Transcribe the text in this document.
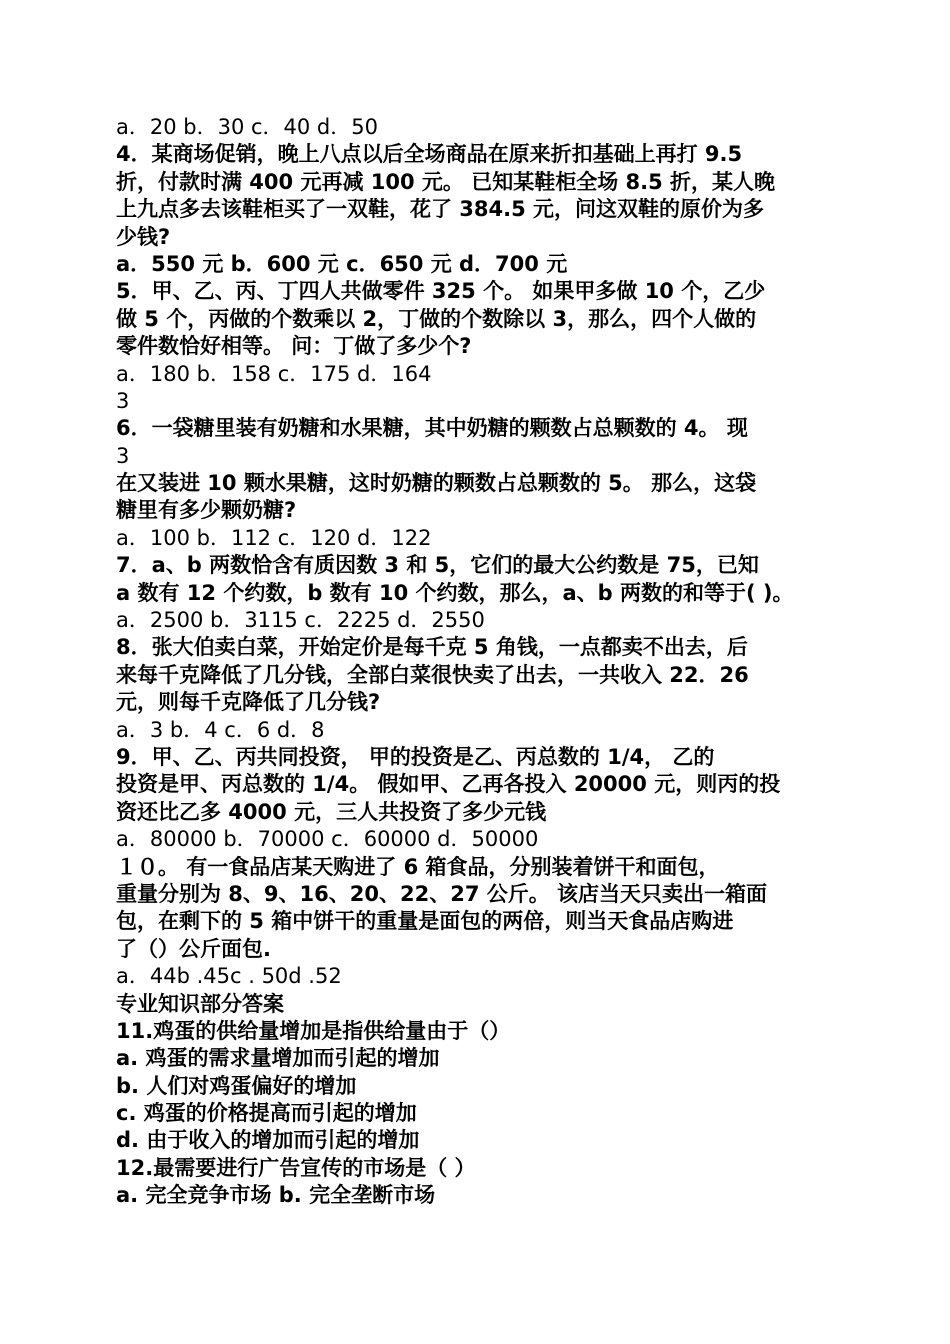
a．20 b．30 c．40 d．50
4．某商场促销，晚上八点以后全场商品在原来折扣基础上再打 9.5
折，付款时满 400 元再减 100 元。 已知某鞋柜全场 8.5 折，某人晚
上九点多去该鞋柜买了一双鞋，花了 384.5 元，问这双鞋的原价为多
少钱?
a．550 元 b．600 元 c．650 元 d．700 元
5．甲、乙、丙、丁四人共做零件 325 个。 如果甲多做 10 个，乙少
做 5 个，丙做的个数乘以 2，丁做的个数除以 3，那么，四个人做的
零件数恰好相等。 问：丁做了多少个?
a．180 b．158 c．175 d．164
3
6．一袋糖里装有奶糖和水果糖，其中奶糖的颗数占总颗数的 4。 现
3
在又装进 10 颗水果糖，这时奶糖的颗数占总颗数的 5。 那么，这袋
糖里有多少颗奶糖?
a．100 b．112 c．120 d．122
7．a、b 两数恰含有质因数 3 和 5，它们的最大公约数是 75，已知
a 数有 12 个约数，b 数有 10 个约数，那么，a、b 两数的和等于( )。
a．2500 b．3115 c．2225 d．2550
8．张大伯卖白菜，开始定价是每千克 5 角钱，一点都卖不出去，后
来每千克降低了几分钱，全部白菜很快卖了出去，一共收入 22．26
元，则每千克降低了几分钱?
a．3 b．4 c．6 d．8
9．甲、乙、丙共同投资， 甲的投资是乙、丙总数的 1/4， 乙的
投资是甲、丙总数的 1/4。 假如甲、乙再各投入 20000 元，则丙的投
资还比乙多 4000 元，三人共投资了多少元钱
a．80000 b．70000 c．60000 d．50000
１０。 有一食品店某天购进了 6 箱食品，分别装着饼干和面包，
重量分别为 8、9、16、20、22、27 公斤。 该店当天只卖出一箱面
包，在剩下的 5 箱中饼干的重量是面包的两倍，则当天食品店购进
了（）公斤面包.
a．44b .45c . 50d .52
专业知识部分答案
11.鸡蛋的供给量增加是指供给量由于（）
a. 鸡蛋的需求量增加而引起的增加
b. 人们对鸡蛋偏好的增加
c. 鸡蛋的价格提高而引起的增加
d. 由于收入的增加而引起的增加
12.最需要进行广告宣传的市场是（ ）
a. 完全竞争市场 b. 完全垄断市场
